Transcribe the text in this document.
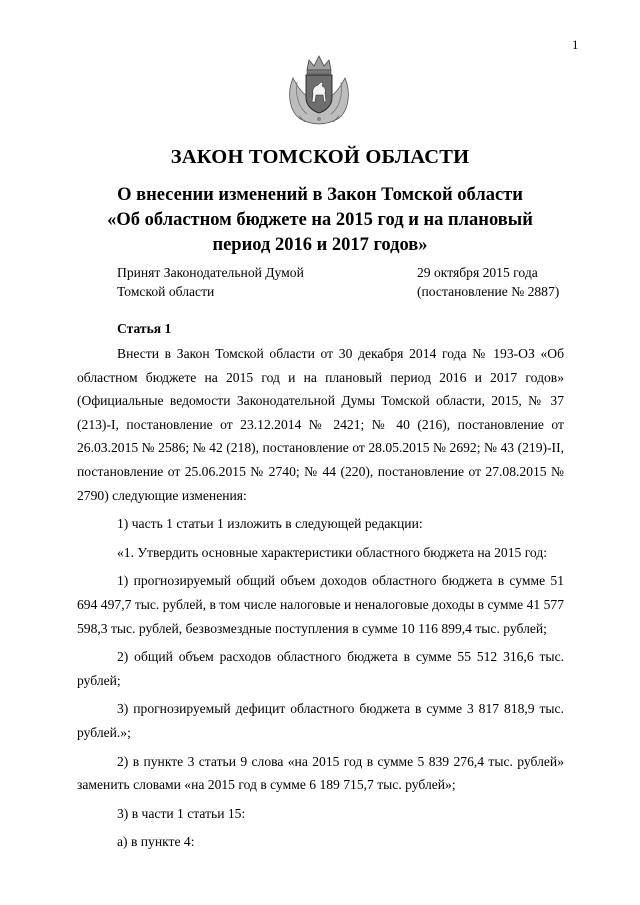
1
ЗАКОН ТОМСКОЙ ОБЛАСТИ
О внесении изменений в Закон Томской области
«Об областном бюджете на 2015 год и на плановый
период 2016 и 2017 годов»
Принят Законодательной Думой
Томской области
29 октября 2015 года
(постановление № 2887)
Статья 1

Внести в Закон Томской области от 30 декабря 2014 года № 193-ОЗ «Об областном бюджете на 2015 год и на плановый период 2016 и 2017 годов» (Официальные ведомости Законодательной Думы Томской области, 2015, № 37 (213)-I, постановление от 23.12.2014 № 2421; № 40 (216), постановление от 26.03.2015 № 2586; № 42 (218), постановление от 28.05.2015 № 2692; № 43 (219)-II, постановление от 25.06.2015 № 2740; № 44 (220), постановление от 27.08.2015 № 2790) следующие изменения:

1) часть 1 статьи 1 изложить в следующей редакции:

«1. Утвердить основные характеристики областного бюджета на 2015 год:

1) прогнозируемый общий объем доходов областного бюджета в сумме 51 694 497,7 тыс. рублей, в том числе налоговые и неналоговые доходы в сумме 41 577 598,3 тыс. рублей, безвозмездные поступления в сумме 10 116 899,4 тыс. рублей;

2) общий объем расходов областного бюджета в сумме 55 512 316,6 тыс. рублей;

3) прогнозируемый дефицит областного бюджета в сумме 3 817 818,9 тыс. рублей.»;

2) в пункте 3 статьи 9 слова «на 2015 год в сумме 5 839 276,4 тыс. рублей» заменить словами «на 2015 год в сумме 6 189 715,7 тыс. рублей»;

3) в части 1 статьи 15:

а) в пункте 4:
